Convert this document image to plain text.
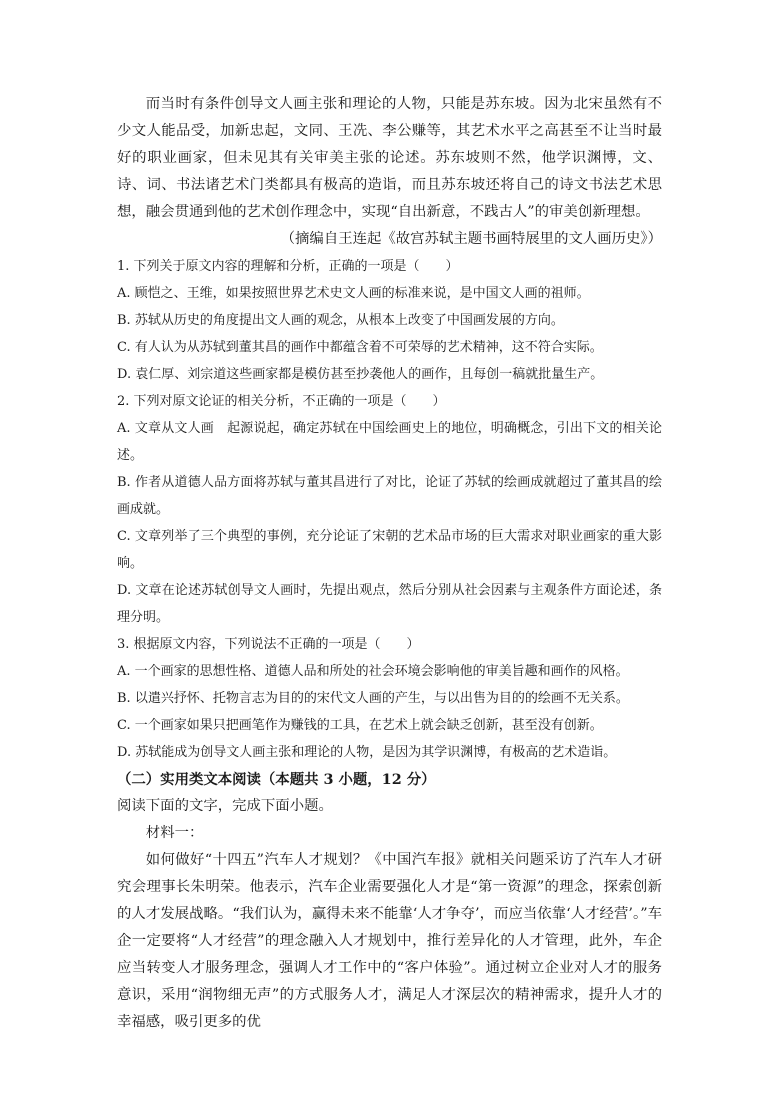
而当时有条件创导文人画主张和理论的人物，只能是苏东坡。因为北宋虽然有不少文人能品受，加新忠起，文同、王冼、李公赚等，其艺术水平之高甚至不让当时最好的职业画家，但未见其有关审美主张的论述。苏东坡则不然，他学识渊博，文、诗、词、书法诸艺术门类都具有极高的造诣，而且苏东坡还将自己的诗文书法艺术思想，融会贯通到他的艺术创作理念中，实现“自出新意，不践古人”的审美创新理想。

（摘编自王连起《故宫苏轼主题书画特展里的文人画历史》）

1. 下列关于原文内容的理解和分析，正确的一项是（　　）

A. 顾恺之、王维，如果按照世界艺术史文人画的标准来说，是中国文人画的祖师。

B. 苏轼从历史的角度提出文人画的观念，从根本上改变了中国画发展的方向。

C. 有人认为从苏轼到董其昌的画作中都蕴含着不可荣辱的艺术精神，这不符合实际。

D. 袁仁厚、刘宗道这些画家都是模仿甚至抄袭他人的画作，且每创一稿就批量生产。

2. 下列对原文论证的相关分析，不正确的一项是（　　）

A. 文章从文人画　起源说起，确定苏轼在中国绘画史上的地位，明确概念，引出下文的相关论述。

B. 作者从道德人品方面将苏轼与董其昌进行了对比，论证了苏轼的绘画成就超过了董其昌的绘画成就。

C. 文章列举了三个典型的事例，充分论证了宋朝的艺术品市场的巨大需求对职业画家的重大影响。

D. 文章在论述苏轼创导文人画时，先提出观点，然后分别从社会因素与主观条件方面论述，条理分明。

3. 根据原文内容，下列说法不正确的一项是（　　）

A. 一个画家的思想性格、道德人品和所处的社会环境会影响他的审美旨趣和画作的风格。

B. 以遣兴抒怀、托物言志为目的的宋代文人画的产生，与以出售为目的的绘画不无关系。

C. 一个画家如果只把画笔作为赚钱的工具，在艺术上就会缺乏创新，甚至没有创新。

D. 苏轼能成为创导文人画主张和理论的人物，是因为其学识渊博，有极高的艺术造诣。

（二）实用类文本阅读（本题共 3 小题，12 分）

阅读下面的文字，完成下面小题。

材料一：

如何做好“十四五”汽车人才规划？《中国汽车报》就相关问题采访了汽车人才研究会理事长朱明荣。他表示，汽车企业需要强化人才是“第一资源”的理念，探索创新的人才发展战略。“我们认为，赢得未来不能靠‘人才争夺’，而应当依靠‘人才经营’。”车企一定要将“人才经营”的理念融入人才规划中，推行差异化的人才管理，此外，车企应当转变人才服务理念，强调人才工作中的“客户体验”。通过树立企业对人才的服务意识，采用“润物细无声”的方式服务人才，满足人才深层次的精神需求，提升人才的幸福感，吸引更多的优
